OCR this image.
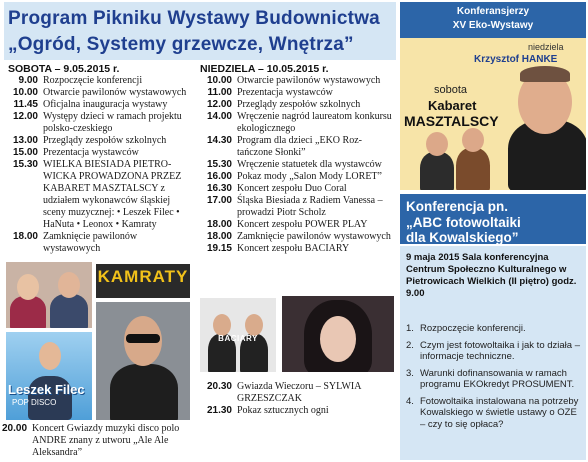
Program Pikniku Wystawy Budownictwa
„Ogród, Systemy grzewcze, Wnętrza”
SOBOTA – 9.05.2015 r.
9.00 Rozpoczęcie konferencji
10.00 Otwarcie pawilonów wystawowych
11.45 Oficjalna inauguracja wystawy
12.00 Występy dzieci w ramach projektu polsko-czeskiego
13.00 Przeglądy zespołów szkolnych
15.00 Prezentacja wystawców
15.30 WIELKA BIESIADA PIETRO-WICKA PROWADZONA PRZEZ KABARET MASZTALSCY z udziałem wykonawców śląskiej sceny muzycznej: • Leszek Filec • HaNuta • Leonox • Kamraty
18.00 Zamknięcie pawilonów wystawowych
KAMRATY
Leszek Filec
POP DISCO
20.00 Koncert Gwiazdy muzyki disco polo ANDRE znany z utworu „Ale Ale Aleksandra”
NIEDZIELA – 10.05.2015 r.
10.00 Otwarcie pawilonów wystawowych
11.00 Prezentacja wystawców
12.00 Przeglądy zespołów szkolnych
14.00 Wręczenie nagród laureatom konkursu ekologicznego
14.30 Program dla dzieci „EKO Roz-tańczone Słonki”
15.30 Wręczenie statuetek dla wystawców
16.00 Pokaz mody „Salon Mody LORET”
16.30 Koncert zespołu Duo Coral
17.00 Śląska Biesiada z Radiem Vanessa – prowadzi Piotr Scholz
18.00 Koncert zespołu POWER PLAY
18.00 Zamknięcie pawilonów wystawowych
19.15 Koncert zespołu BACIARY
BACIARY
20.30 Gwiazda Wieczoru – SYLWIA GRZESZCZAK
21.30 Pokaz sztucznych ogni
Konferansjerzy
XV Eko-Wystawy
niedziela
Krzysztof HANKE
sobota
Kabaret
MASZTALSCY
Konferencja pn.
„ABC fotowoltaiki
dla Kowalskiego”
9 maja 2015 Sala konferencyjna Centrum Społeczno Kulturalnego w Pietrowicach Wielkich (II piętro) godz. 9.00
1. Rozpoczęcie konferencji.
2. Czym jest fotowoltaika i jak to działa – informacje techniczne.
3. Warunki dofinansowania w ramach programu EKOkredyt PROSUMENT.
4. Fotowoltaika instalowana na potrzeby Kowalskiego w świetle ustawy o OZE – czy to się opłaca?
